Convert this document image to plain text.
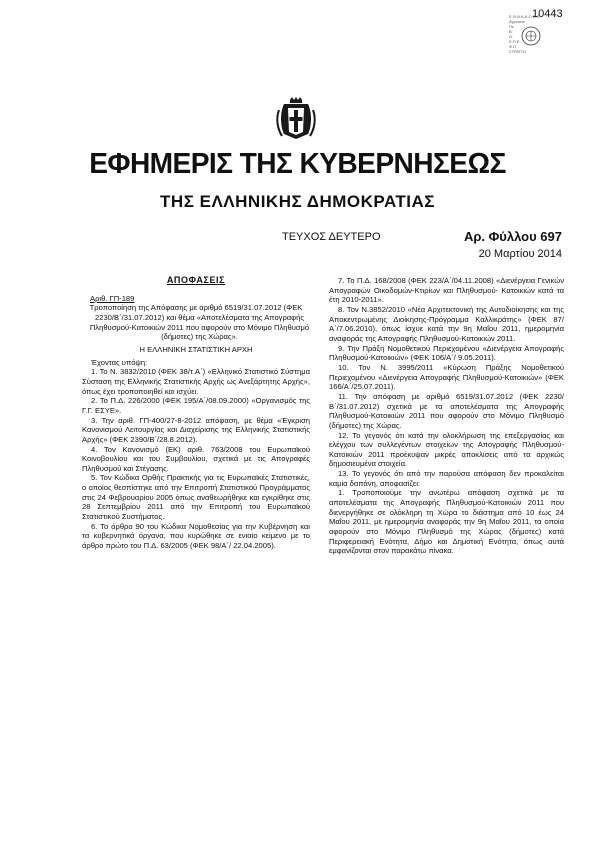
10443
Ε.Θ.Ν.Α.Κ.Ο.Ο.Σ.
Αγρώστε
Πε.
Β
Ο.
Ε.Π.Ε.
Φ.Π.
ΣΤΡΑΤΟΣ
ΕΦΗΜΕΡΙΣ ΤΗΣ ΚΥΒΕΡΝΗΣΕΩΣ
ΤΗΣ ΕΛΛΗΝΙΚΗΣ ΔΗΜΟΚΡΑΤΙΑΣ
ΤΕΥΧΟΣ ΔΕΥΤΕΡΟ	Αρ. Φύλλου 697
20 Μαρτίου 2014
ΑΠΟΦΑΣΕΙΣ
Αριθ. ΓΠ-189

Τροποποίηση της Απόφασης με αριθμό 6519/31.07.2012 (ΦΕΚ 2230/Β΄/31.07.2012) και θέμα «Αποτελέσματα της Απογραφής Πληθυσμού-Κατοικιών 2011 που αφορούν στο Μόνιμο Πληθυσμό (δήμοτες) της Χώρας».

Η ΕΛΛΗΝΙΚΗ ΣΤΑΤΙΣΤΙΚΗ ΑΡΧΗ

Έχοντας υπόψη:

1. Το Ν. 3832/2010 (ΦΕΚ 38/τ.Α΄) «Ελληνικό Στατιστικό Σύστημα Σύσταση της Ελληνικής Στατιστικής Αρχής ως Ανεξάρτητης Αρχής», όπως έχει τροποποιηθεί και ισχύει.

2. Το Π.Δ. 226/2000 (ΦΕΚ 195/Α΄/08.09.2000) «Οργανισμός της Γ.Γ. ΕΣΥΕ».

3. Την αριθ. ΓΠ-400/27-8-2012 απόφαση, με θέμα «Έγκριση Κανονισμού Λειτουργίας και Διαχείρισης της Ελληνικής Στατιστικής Αρχής» (ΦΕΚ 2390/Β΄/28.8.2012).

4. Τον Κανονισμό (ΕΚ) αριθ. 763/2008 του Ευρωπαϊκού Κοινοβουλίου και του Συμβουλίου, σχετικά με τις Απογραφές Πληθυσμού και Στέγασης.

5. Τον Κώδικα Ορθής Πρακτικής για τις Ευρωπαϊκές Στατιστικές, ο οποίος θεσπίστηκε από την Επιτροπή Στατιστικού Προγράμματος στις 24 Φεβρουαρίου 2005 όπως αναθεωρήθηκε και εγκρίθηκε στις 28 Σεπτεμβρίου 2011 από την Επιτροπή του Ευρωπαϊκού Στατιστικού Συστήματος.

6. Το άρθρο 90 του Κώδικα Νομοθεσίας για την Κυβέρνηση και τα κυβερνητικά όργανα, που κυρώθηκε σε ενιαίο κείμενο με το άρθρο πρώτο του Π.Δ. 63/2005 (ΦΕΚ 98/Α΄/ 22.04.2005).

7. Το Π.Δ. 168/2008 (ΦΕΚ 223/Α΄/04.11.2008) «Διενέργεια Γενικών Απογραφών Οικοδομών-Κτιρίων και Πληθυσμού- Κατοικιών κατά τα έτη 2010-2011».

8. Τον Ν.3852/2010 «Νέα Αρχιτεκτονική της Αυτοδιοίκησης και της Αποκεντρωμένης Διοίκησης-Πρόγραμμα Καλλικράτης» (ΦΕΚ 87/Α΄/7.06.2010), όπως ίσχυε κατά την 9η Μαΐου 2011, ημερομηνία αναφοράς της Απογραφής Πληθυσμού-Κατοικιών 2011.

9. Την Πράξη Νομοθετικού Περιεχομένου «Διενέργεια Απογραφής Πληθυσμού-Κατοικιών» (ΦΕΚ 106/Α΄/ 9.05.2011).

10. Τον Ν. 3995/2011 «Κύρωση Πράξης Νομοθετικού Περιεχομένου «Διενέργεια Απογραφής Πληθυσμού-Κατοικιών» (ΦΕΚ 166/Α΄/25.07.2011).

11. Την απόφαση με αριθμό 6519/31.07.2012 (ΦΕΚ 2230/ Β΄/31.07.2012) σχετικά με τα αποτελέσματα της Απογραφής Πληθυσμού-Κατοικιών 2011 που αφορούν στο Μόνιμο Πληθυσμό (δήμοτες) της Χώρας.

12. Το γεγονός ότι κατά την ολοκλήρωση της επεξεργασίας και ελέγχου των συλλεγέντων στοιχείων της Απογραφής Πληθυσμού-Κατοικιών 2011 προέκυψαν μικρές αποκλίσεις από τα αρχικώς δημοσιευμένα στοιχεία.

13. Το γεγονός ότι από την παρούσα απόφαση δεν προκαλείται καμία δαπάνη, αποφασίζει:

1. Τροποποιούμε την ανωτέρω απόφαση σχετικά με τα αποτελέσματα της Απογραφής Πληθυσμού-Κατοικιών 2011 που διενεργήθηκε σε ολόκληρη τη Χώρα το διάστημα από 10 έως 24 Μαΐου 2011, με ημερομηνία αναφοράς την 9η Μαΐου 2011, τα οποία αφορούν στο Μόνιμο Πληθυσμό της Χώρας (δήμοτες) κατά Περιφερειακή Ενότητα, Δήμο και Δημοτική Ενότητα, όπως αυτά εμφανίζονται στον παρακάτω πίνακα.
